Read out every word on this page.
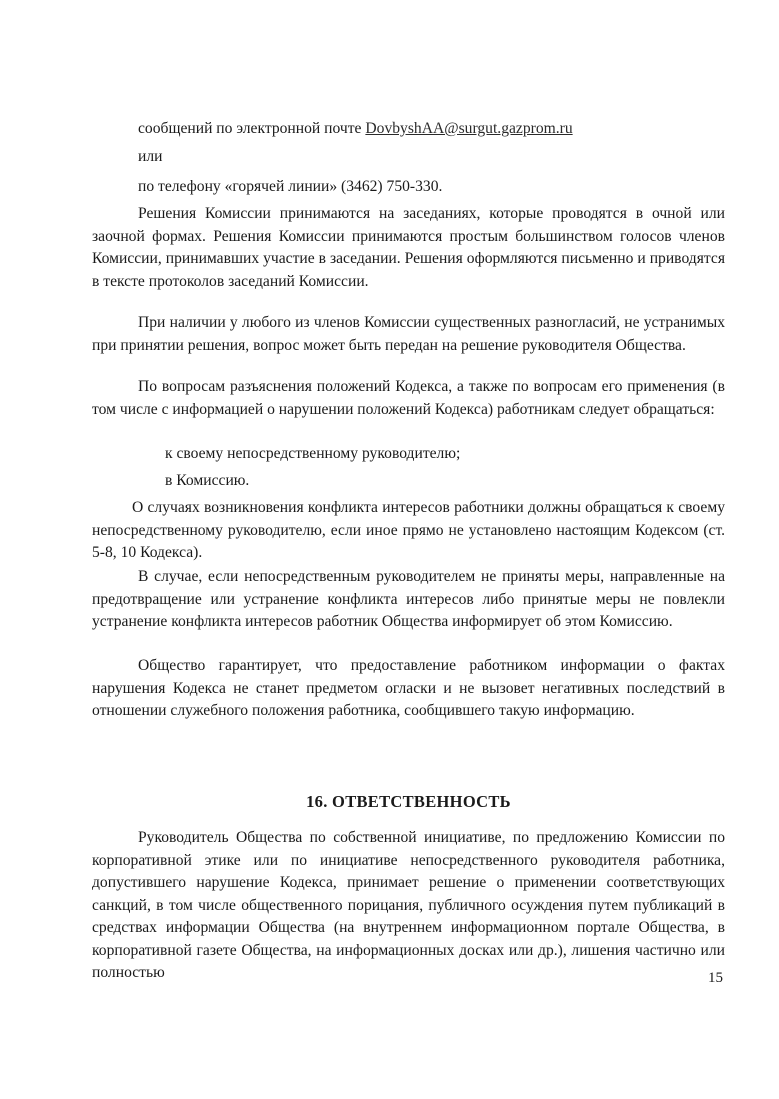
сообщений по электронной почте DovbyshAA@surgut.gazprom.ru
или
по телефону «горячей линии» (3462) 750-330.

Решения Комиссии принимаются на заседаниях, которые проводятся в очной или заочной формах. Решения Комиссии принимаются простым большинством голосов членов Комиссии, принимавших участие в заседании. Решения оформляются письменно и приводятся в тексте протоколов заседаний Комиссии.

При наличии у любого из членов Комиссии существенных разногласий, не устранимых при принятии решения, вопрос может быть передан на решение руководителя Общества.

По вопросам разъяснения положений Кодекса, а также по вопросам его применения (в том числе с информацией о нарушении положений Кодекса) работникам следует обращаться:

к своему непосредственному руководителю;
в Комиссию.

О случаях возникновения конфликта интересов работники должны обращаться к своему непосредственному руководителю, если иное прямо не установлено настоящим Кодексом (ст. 5-8, 10 Кодекса).

В случае, если непосредственным руководителем не приняты меры, направленные на предотвращение или устранение конфликта интересов либо принятые меры не повлекли устранение конфликта интересов работник Общества информирует об этом Комиссию.

Общество гарантирует, что предоставление работником информации о фактах нарушения Кодекса не станет предметом огласки и не вызовет негативных последствий в отношении служебного положения работника, сообщившего такую информацию.

16. ОТВЕТСТВЕННОСТЬ

Руководитель Общества по собственной инициативе, по предложению Комиссии по корпоративной этике или по инициативе непосредственного руководителя работника, допустившего нарушение Кодекса, принимает решение о применении соответствующих санкций, в том числе общественного порицания, публичного осуждения путем публикаций в средствах информации Общества (на внутреннем информационном портале Общества, в корпоративной газете Общества, на информационных досках или др.), лишения частично или полностью	15
